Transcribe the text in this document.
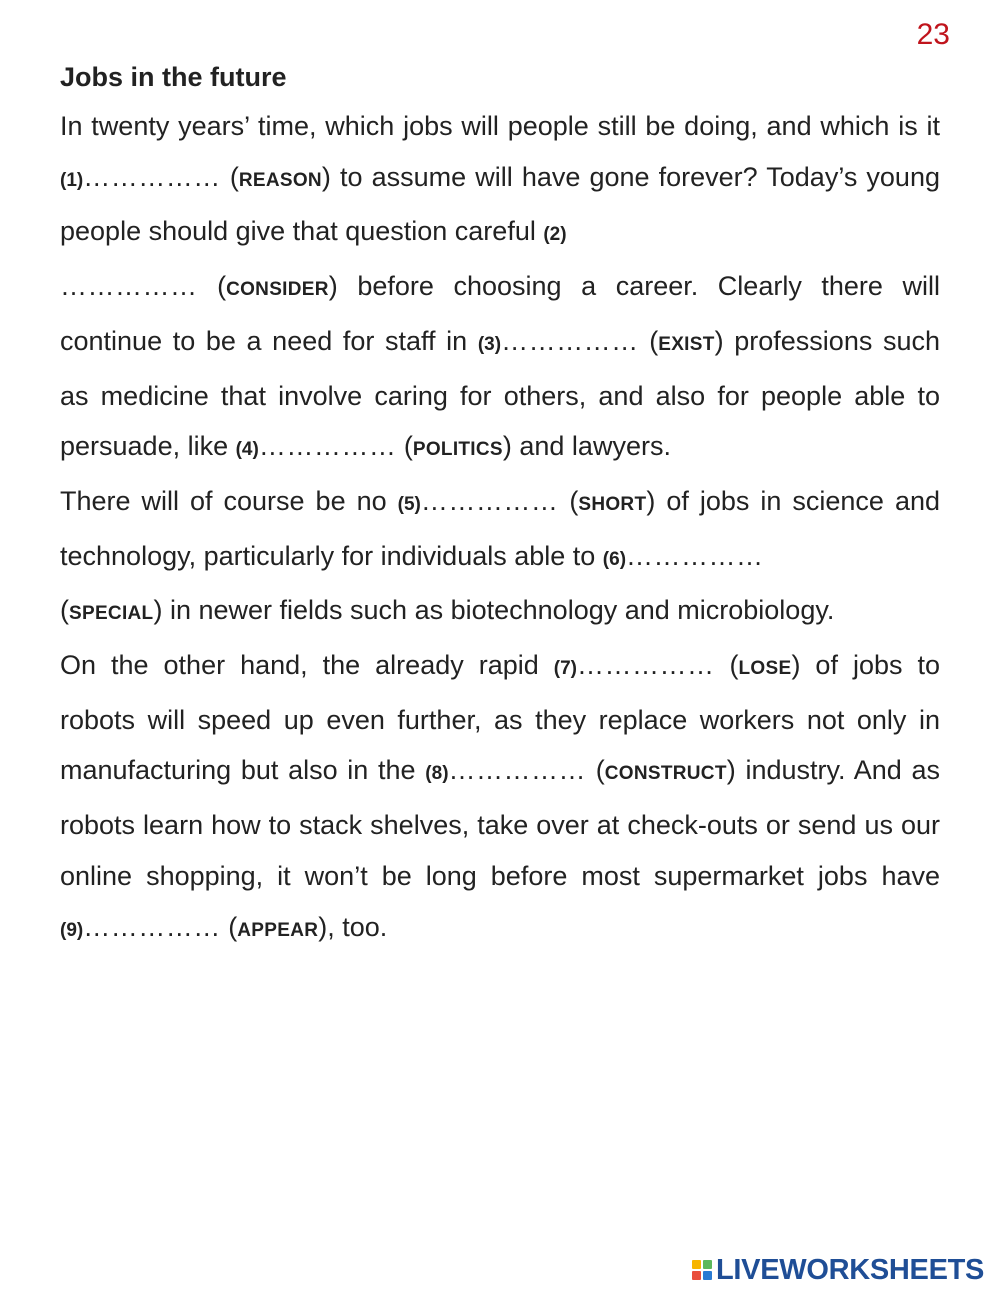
23
Jobs in the future

In twenty years’ time, which jobs will people still be doing, and which is it (1)…………… (REASON) to assume will have gone forever? Today’s young people should give that question careful (2)
…………… (CONSIDER) before choosing a career. Clearly there will continue to be a need for staff in (3)…………… (EXIST) professions such as medicine that involve caring for others, and also for people able to persuade, like (4)…………… (POLITICS) and lawyers.

There will of course be no (5)…………… (SHORT) of jobs in science and technology, particularly for individuals able to (6)……………
(SPECIAL) in newer fields such as biotechnology and microbiology.

On the other hand, the already rapid (7)…………… (LOSE) of jobs to robots will speed up even further, as they replace workers not only in manufacturing but also in the (8)…………… (CONSTRUCT) industry. And as robots learn how to stack shelves, take over at check-outs or send us our online shopping, it won’t be long before most supermarket jobs have (9)…………… (APPEAR), too.

LIVEWORKSHEETS
